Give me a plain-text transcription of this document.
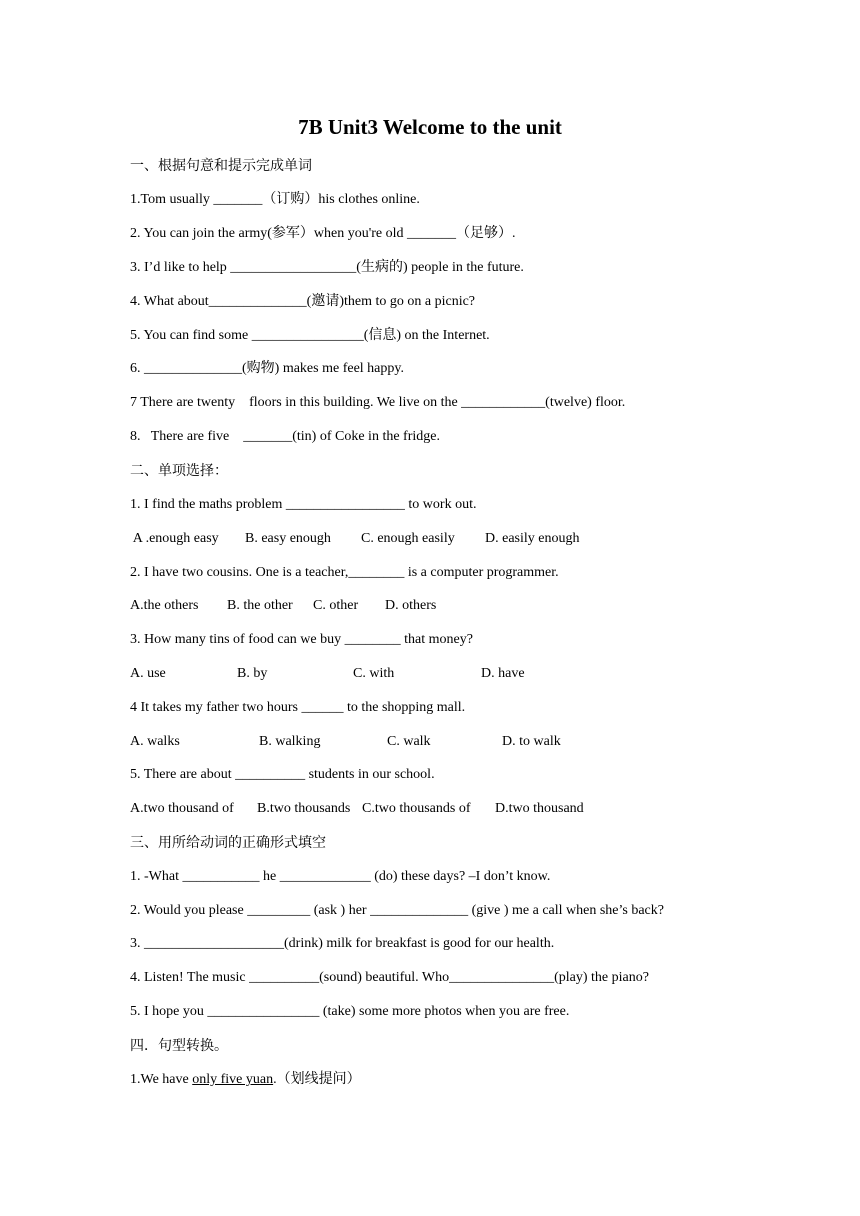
7B Unit3 Welcome to the unit
一、根据句意和提示完成单词
1.Tom usually _______（订购）his clothes online.
2. You can join the army(参军）when you're old _______（足够）.
3. I’d like to help __________________(生病的) people in the future.
4. What about______________(邀请)them to go on a picnic?
5. You can find some ________________(信息) on the Internet.
6. ______________(购物) makes me feel happy.
7 There are twenty    floors in this building. We live on the ____________(twelve) floor.
8.   There are five    _______(tin) of Coke in the fridge.
二、单项选择：
1. I find the maths problem _________________ to work out.
A .enough easy B. easy enough C. enough easily D. easily enough
2. I have two cousins. One is a teacher,________ is a computer programmer.
A.the others B. the other C. other D. others
3. How many tins of food can we buy ________ that money?
A. use	B. by	C. with	D. have
4 It takes my father two hours ______ to the shopping mall.
A. walks	B. walking	C. walk	D. to walk
5. There are about __________ students in our school.
A.two thousand of B.two thousands C.two thousands of D.two thousand
三、用所给动词的正确形式填空
1. -What ___________ he _____________ (do) these days? –I don’t know.
2. Would you please _________ (ask ) her ______________ (give ) me a call when she’s back?
3. ____________________(drink) milk for breakfast is good for our health.
4. Listen! The music __________(sound) beautiful. Who_______________(play) the piano?
5. I hope you ________________ (take) some more photos when you are free.
四．句型转换。
1.We have only five yuan.（划线提问）
